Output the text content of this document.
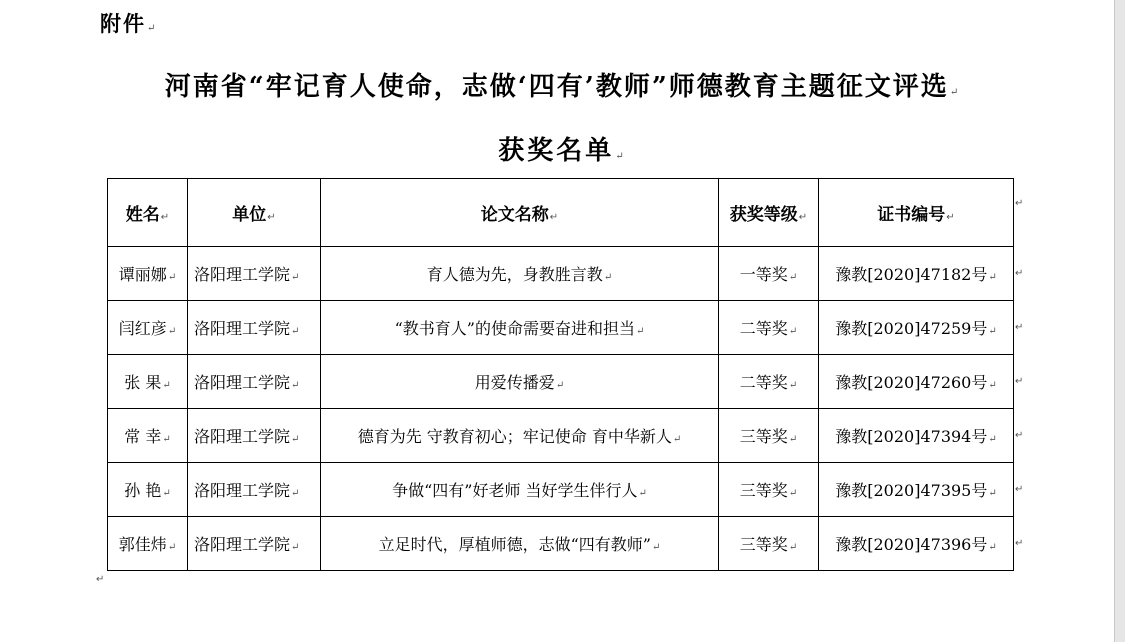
附件↵
河南省“牢记育人使命，志做‘四有’教师”师德教育主题征文评选↵
获奖名单↵
姓名↵	单位↵	论文名称↵	获奖等级↵	证书编号↵
谭丽娜↵	洛阳理工学院↵	育人德为先，身教胜言教↵	一等奖↵	豫教[2020]47182号↵
闫红彦↵	洛阳理工学院↵	“教书育人”的使命需要奋进和担当↵	二等奖↵	豫教[2020]47259号↵
张 果↵	洛阳理工学院↵	用爱传播爱↵	二等奖↵	豫教[2020]47260号↵
常 幸↵	洛阳理工学院↵	德育为先 守教育初心；牢记使命 育中华新人↵	三等奖↵	豫教[2020]47394号↵
孙 艳↵	洛阳理工学院↵	争做“四有”好老师 当好学生伴行人↵	三等奖↵	豫教[2020]47395号↵
郭佳炜↵	洛阳理工学院↵	立足时代，厚植师德，志做“四有教师”↵	三等奖↵	豫教[2020]47396号↵
↵
↵
↵
↵
↵
↵
↵
↵
